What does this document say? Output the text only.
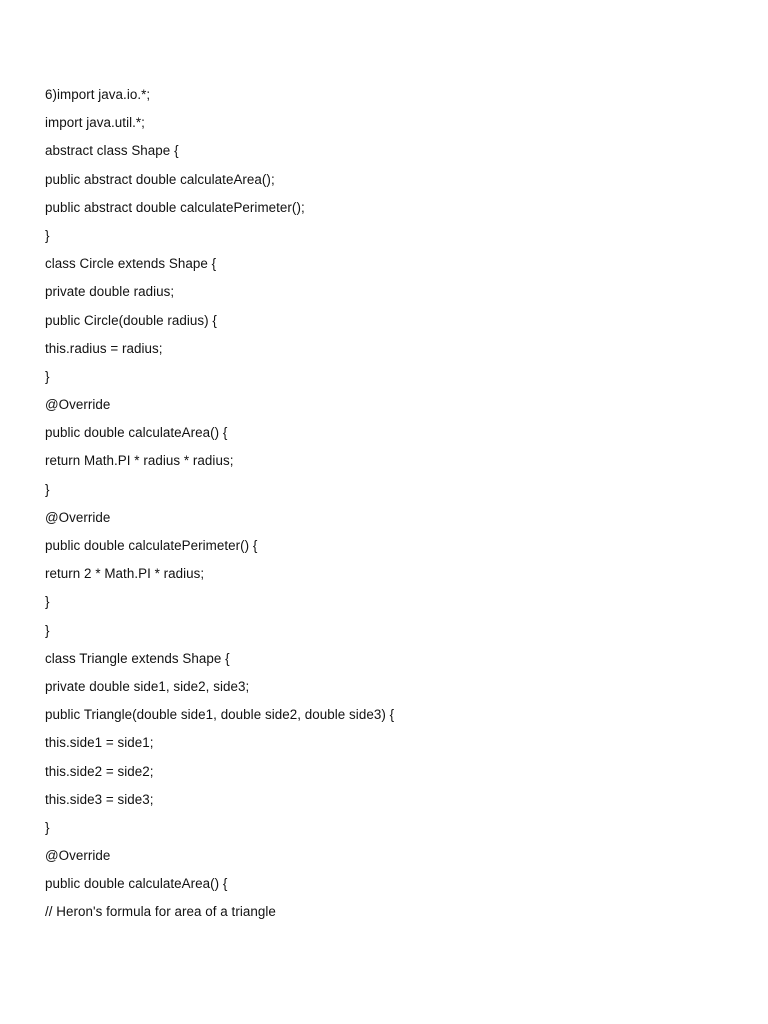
6)import java.io.*;
import java.util.*;
abstract class Shape {
public abstract double calculateArea();
public abstract double calculatePerimeter();
}
class Circle extends Shape {
private double radius;
public Circle(double radius) {
this.radius = radius;
}
@Override
public double calculateArea() {
return Math.PI * radius * radius;
}
@Override
public double calculatePerimeter() {
return 2 * Math.PI * radius;
}
}
class Triangle extends Shape {
private double side1, side2, side3;
public Triangle(double side1, double side2, double side3) {
this.side1 = side1;
this.side2 = side2;
this.side3 = side3;
}
@Override
public double calculateArea() {
// Heron's formula for area of a triangle
